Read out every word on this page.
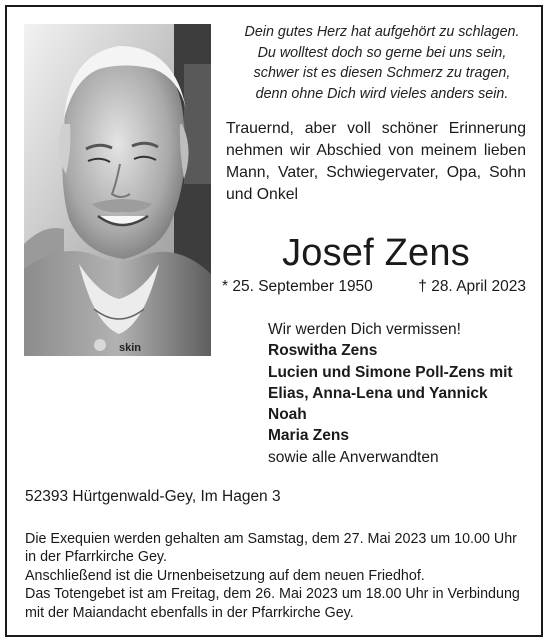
skin
Dein gutes Herz hat aufgehört zu schlagen.
Du wolltest doch so gerne bei uns sein,
schwer ist es diesen Schmerz zu tragen,
denn ohne Dich wird vieles anders sein.
Trauernd, aber voll schöner Erinnerung nehmen wir Abschied von meinem lieben Mann, Vater, Schwiegervater, Opa, Sohn und Onkel
Josef Zens
* 25. September 1950	† 28. April 2023
Wir werden Dich vermissen!
Roswitha Zens
Lucien und Simone Poll-Zens mit
Elias, Anna-Lena und Yannick
Noah
Maria Zens
sowie alle Anverwandten
52393 Hürtgenwald-Gey, Im Hagen 3
Die Exequien werden gehalten am Samstag, dem 27. Mai 2023 um 10.00 Uhr
in der Pfarrkirche Gey.
Anschließend ist die Urnenbeisetzung auf dem neuen Friedhof.
Das Totengebet ist am Freitag, dem 26. Mai 2023 um 18.00 Uhr in Verbindung
mit der Maiandacht ebenfalls in der Pfarrkirche Gey.
